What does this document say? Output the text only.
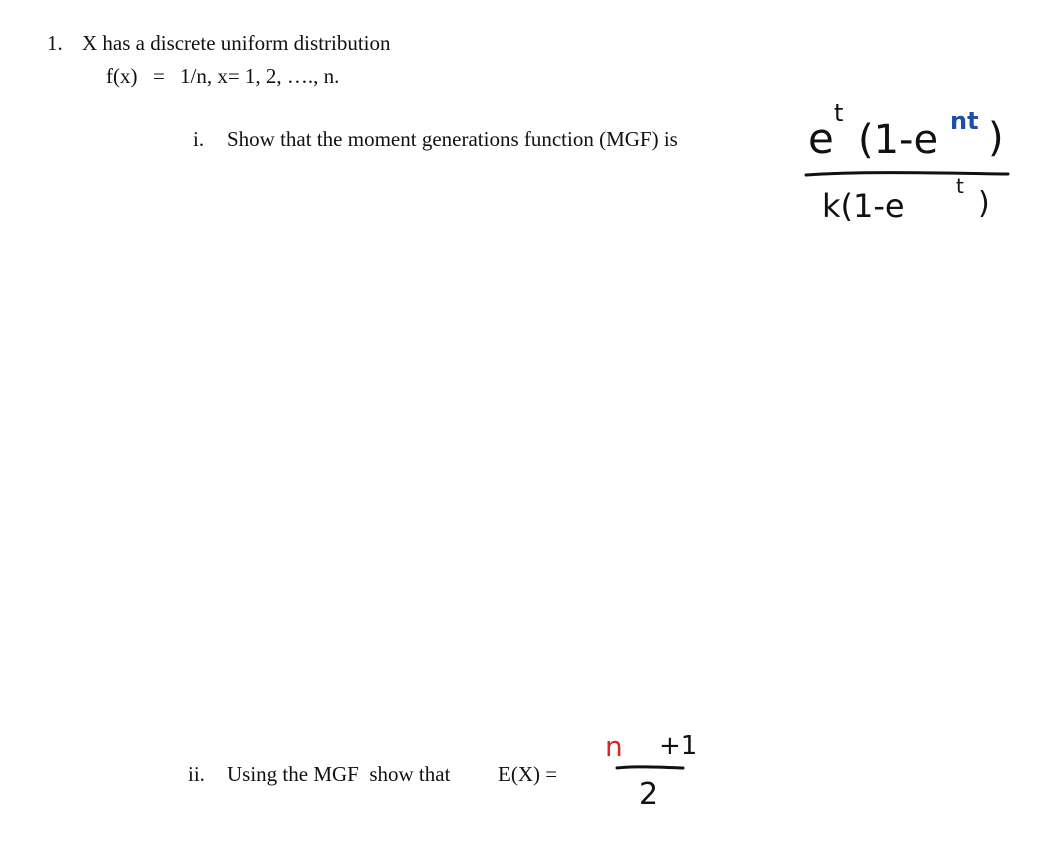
1. X has a discrete uniform distribution
f(x) = 1/n, x= 1, 2, …., n.
i. Show that the moment generations function (MGF) is	e
t
(1-e nt )
k(1-e
t )
ii. Using the MGF  show that E(X) =
n +1
2
